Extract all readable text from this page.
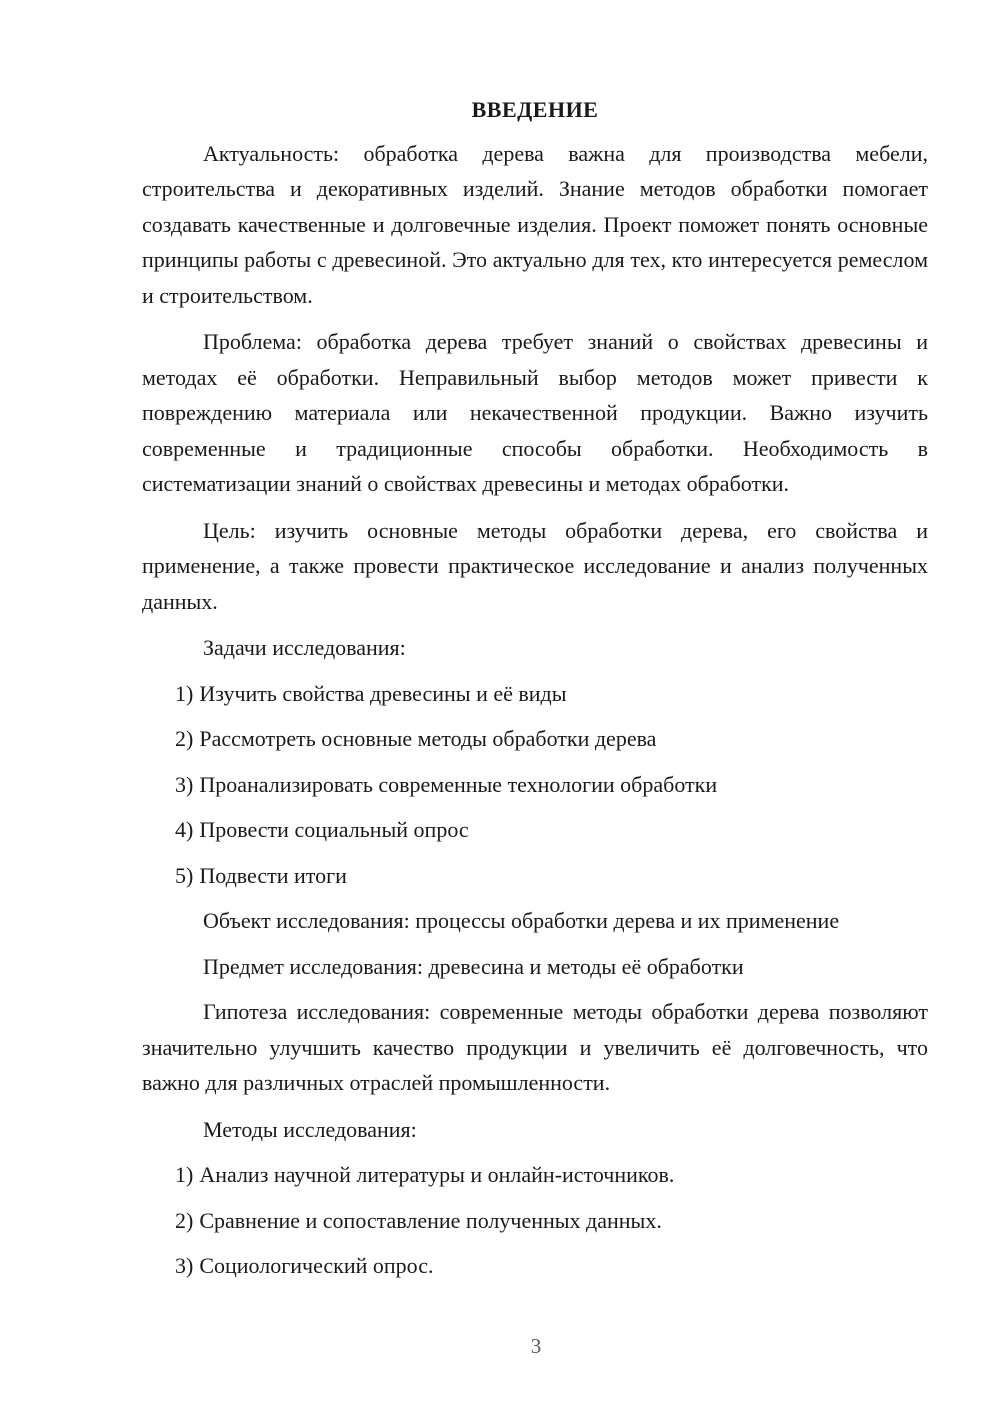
ВВЕДЕНИЕ

Актуальность: обработка дерева важна для производства мебели, строительства и декоративных изделий. Знание методов обработки помогает создавать качественные и долговечные изделия. Проект поможет понять основные принципы работы с древесиной. Это актуально для тех, кто интересуется ремеслом и строительством.

Проблема: обработка дерева требует знаний о свойствах древесины и методах её обработки. Неправильный выбор методов может привести к повреждению материала или некачественной продукции. Важно изучить современные и традиционные способы обработки. Необходимость в систематизации знаний о свойствах древесины и методах обработки.

Цель: изучить основные методы обработки дерева, его свойства и применение, а также провести практическое исследование и анализ полученных данных.

Задачи исследования:

1) Изучить свойства древесины и её виды
2) Рассмотреть основные методы обработки дерева
3) Проанализировать современные технологии обработки
4) Провести социальный опрос
5) Подвести итоги

Объект исследования: процессы обработки дерева и их применение

Предмет исследования: древесина и методы её обработки

Гипотеза исследования: современные методы обработки дерева позволяют значительно улучшить качество продукции и увеличить её долговечность, что важно для различных отраслей промышленности.

Методы исследования:

1) Анализ научной литературы и онлайн-источников.
2) Сравнение и сопоставление полученных данных.
3) Социологический опрос.
3
